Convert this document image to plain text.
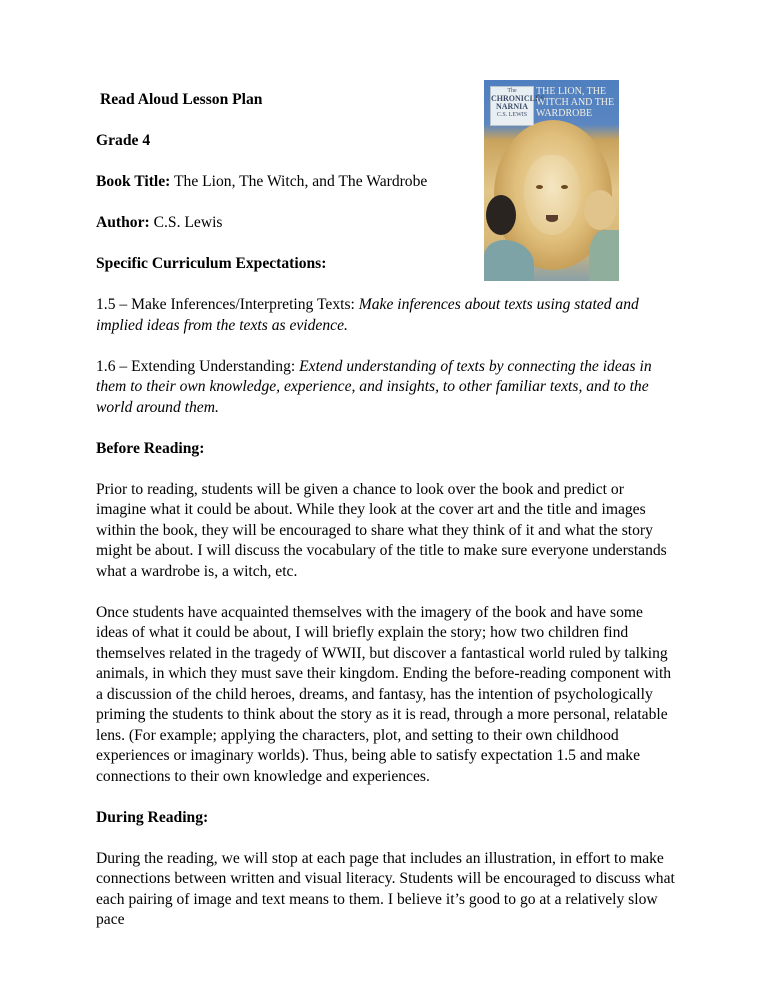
The
CHRONICLES
NARNIA
C.S. LEWIS
THE LION, THE WITCH AND THE WARDROBE

Read Aloud Lesson Plan

Grade 4

Book Title: The Lion, The Witch, and The Wardrobe

Author: C.S. Lewis

Specific Curriculum Expectations:

1.5 – Make Inferences/Interpreting Texts: Make inferences about texts using stated and implied ideas from the texts as evidence.

1.6 – Extending Understanding: Extend understanding of texts by connecting the ideas in them to their own knowledge, experience, and insights, to other familiar texts, and to the world around them.

Before Reading:

Prior to reading, students will be given a chance to look over the book and predict or imagine what it could be about. While they look at the cover art and the title and images within the book, they will be encouraged to share what they think of it and what the story might be about. I will discuss the vocabulary of the title to make sure everyone understands what a wardrobe is, a witch, etc.

Once students have acquainted themselves with the imagery of the book and have some ideas of what it could be about, I will briefly explain the story; how two children find themselves related in the tragedy of WWII, but discover a fantastical world ruled by talking animals, in which they must save their kingdom. Ending the before-reading component with a discussion of the child heroes, dreams, and fantasy, has the intention of psychologically priming the students to think about the story as it is read, through a more personal, relatable lens. (For example; applying the characters, plot, and setting to their own childhood experiences or imaginary worlds). Thus, being able to satisfy expectation 1.5 and make connections to their own knowledge and experiences.

During Reading:

During the reading, we will stop at each page that includes an illustration, in effort to make connections between written and visual literacy. Students will be encouraged to discuss what each pairing of image and text means to them. I believe it’s good to go at a relatively slow pace
